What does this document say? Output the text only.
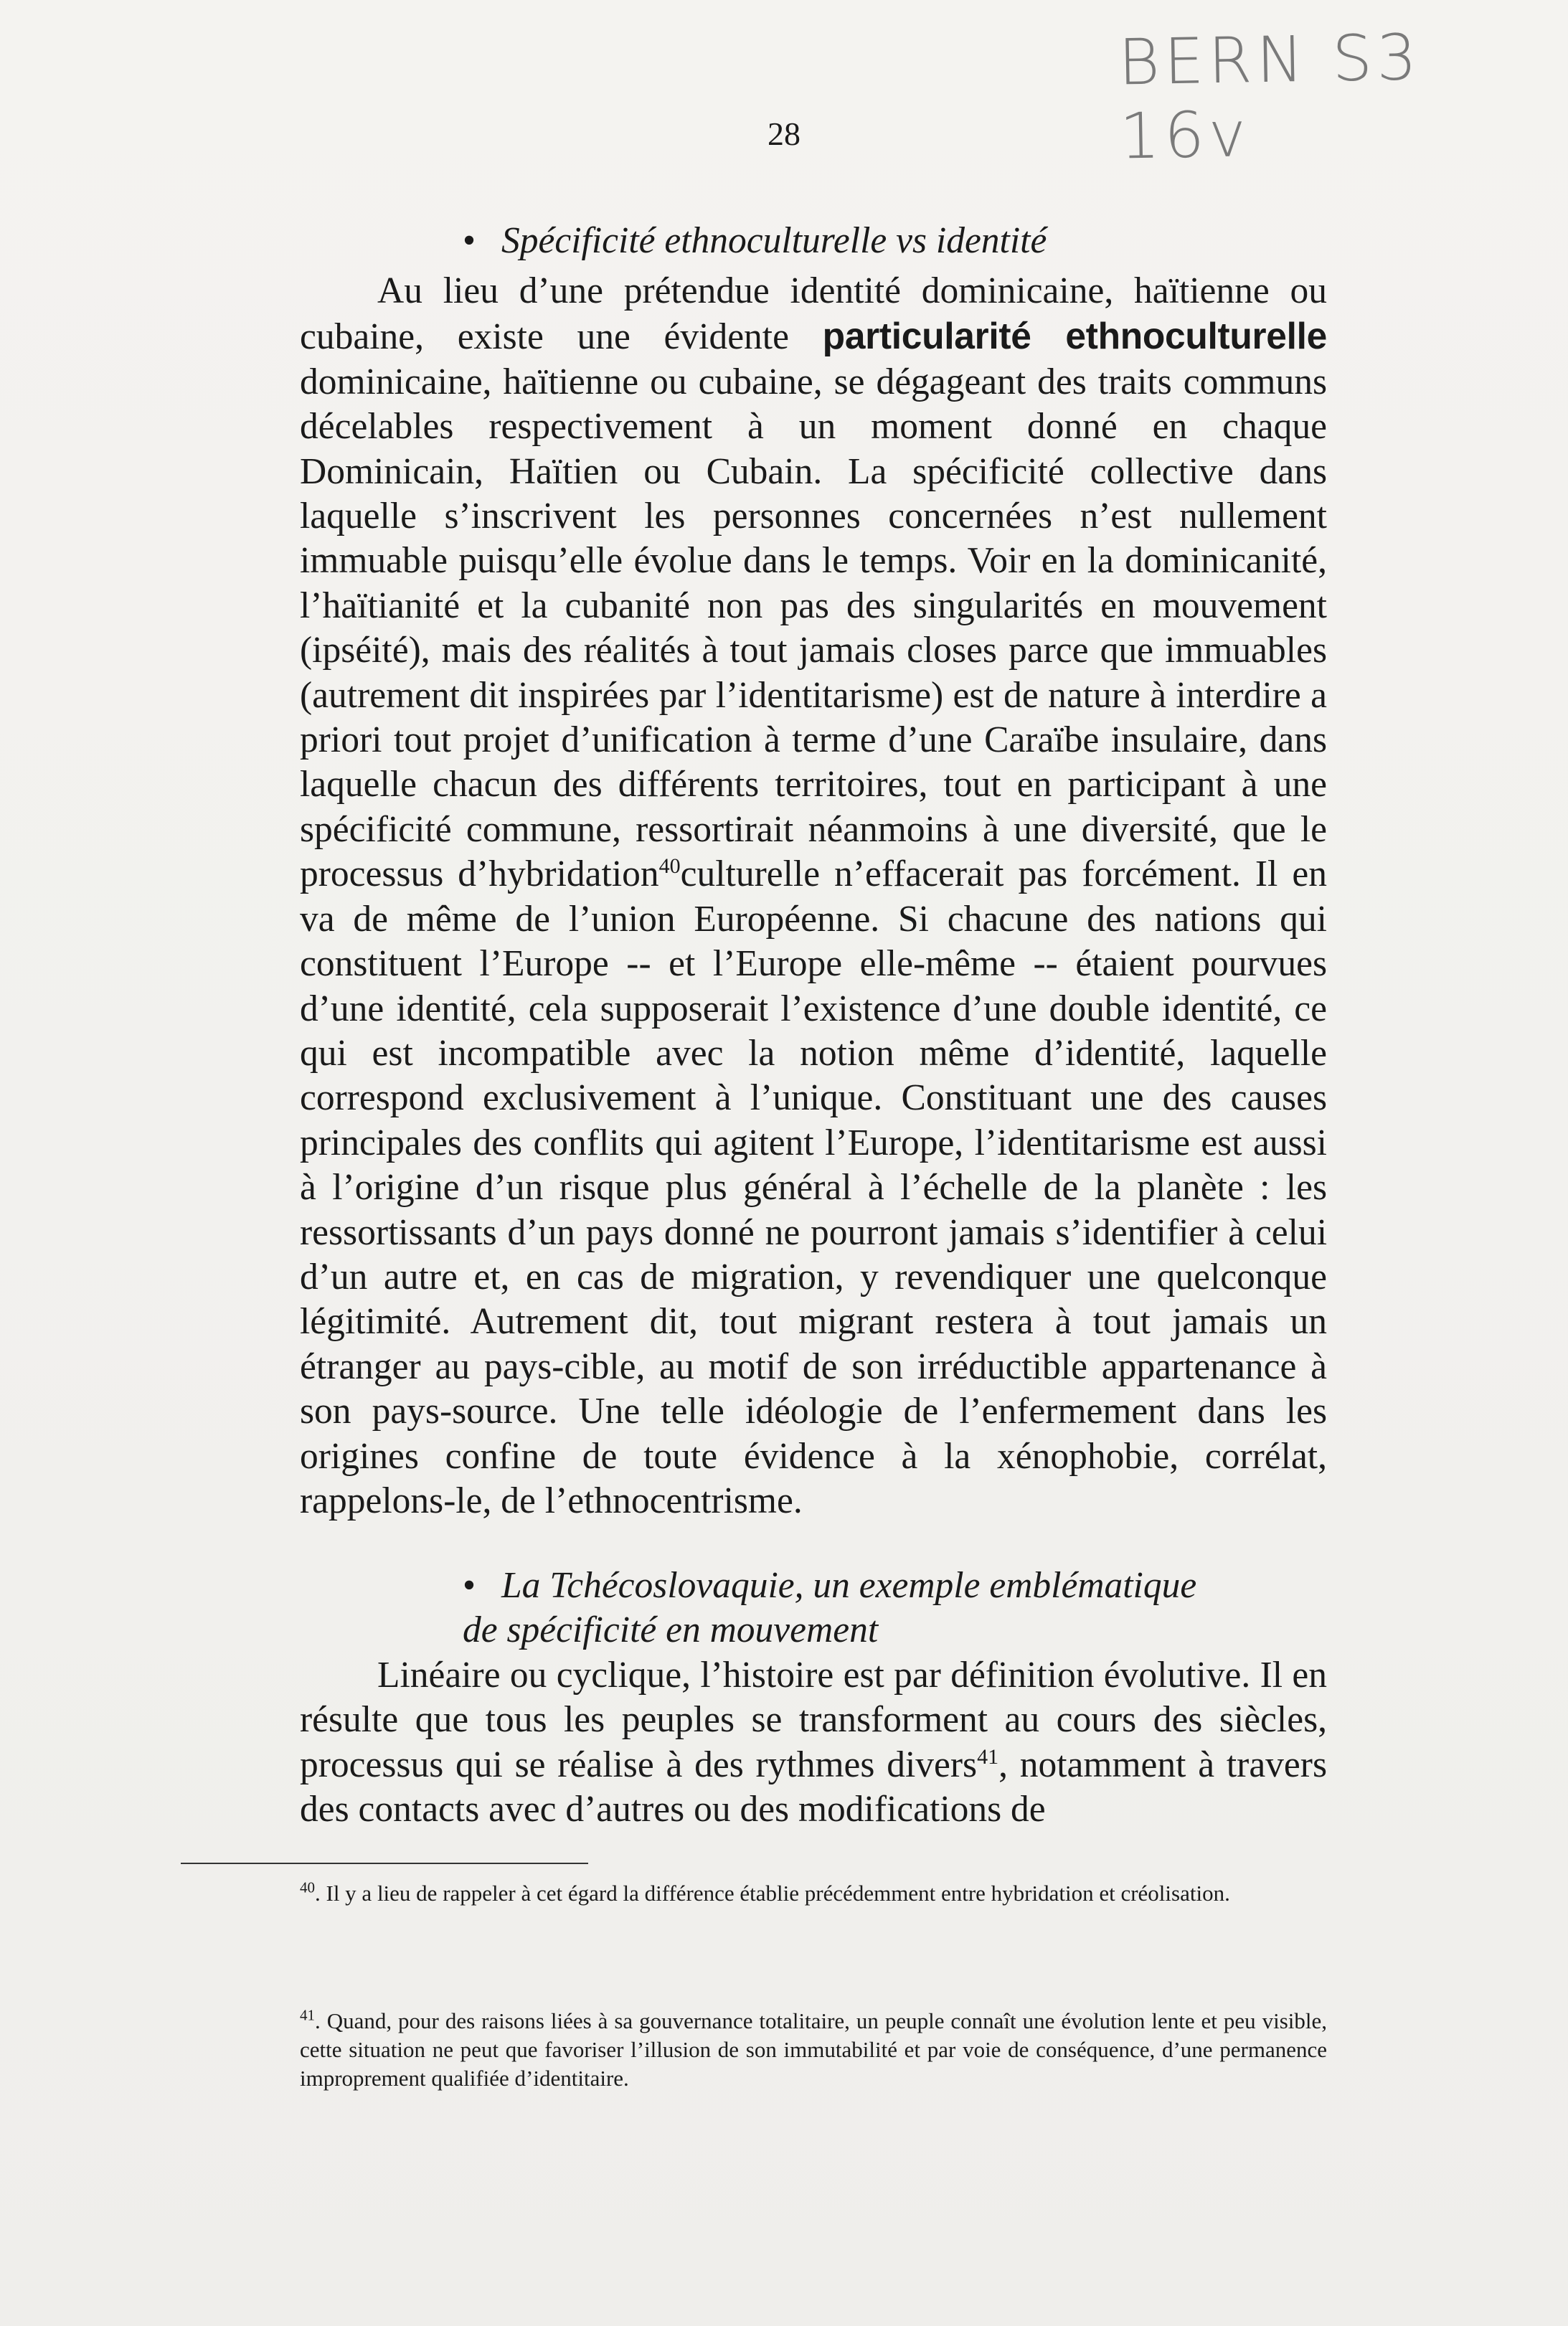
BERN S3 16v
28
• Spécificité ethnoculturelle vs identité
Au lieu d’une prétendue identité dominicaine, haïtienne ou cubaine, existe une évidente particularité ethnoculturelle dominicaine, haïtienne ou cubaine, se dégageant des traits communs décelables respectivement à un moment donné en chaque Dominicain, Haïtien ou Cubain. La spécificité collective dans laquelle s’inscrivent les personnes concernées n’est nullement immuable puisqu’elle évolue dans le temps. Voir en la dominicanité, l’haïtianité et la cubanité non pas des singularités en mouvement (ipséité), mais des réalités à tout jamais closes parce que immuables (autrement dit inspirées par l’identitarisme) est de nature à interdire a priori tout projet d’unification à terme d’une Caraïbe insulaire, dans laquelle chacun des différents territoires, tout en participant à une spécificité commune, ressortirait néanmoins à une diversité, que le processus d’hybridation$^{40}$culturelle n’effacerait pas forcément. Il en va de même de l’union Européenne. Si chacune des nations qui constituent l’Europe -- et l’Europe elle-même -- étaient pourvues d’une identité, cela supposerait l’existence d’une double identité, ce qui est incompatible avec la notion même d’identité, laquelle correspond exclusivement à l’unique. Constituant une des causes principales des conflits qui agitent l’Europe, l’identitarisme est aussi à l’origine d’un risque plus général à l’échelle de la planète : les ressortissants d’un pays donné ne pourront jamais s’identifier à celui d’un autre et, en cas de migration, y revendiquer une quelconque légitimité. Autrement dit, tout migrant restera à tout jamais un étranger au pays-cible, au motif de son irréductible appartenance à son pays-source. Une telle idéologie de l’enfermement dans les origines confine de toute évidence à la xénophobie, corrélat, rappelons-le, de l’ethnocentrisme.
• La Tchécoslovaquie, un exemple emblématique
de spécificité en mouvement
Linéaire ou cyclique, l’histoire est par définition évolutive. Il en résulte que tous les peuples se transforment au cours des siècles, processus qui se réalise à des rythmes divers$^{41}$, notamment à travers des contacts avec d’autres ou des modifications de
$^{40}$. Il y a lieu de rappeler à cet égard la différence établie précédemment entre hybridation et créolisation.
$^{41}$. Quand, pour des raisons liées à sa gouvernance totalitaire, un peuple connaît une évolution lente et peu visible, cette situation ne peut que favoriser l’illusion de son immutabilité et par voie de conséquence, d’une permanence improprement qualifiée d’identitaire.
